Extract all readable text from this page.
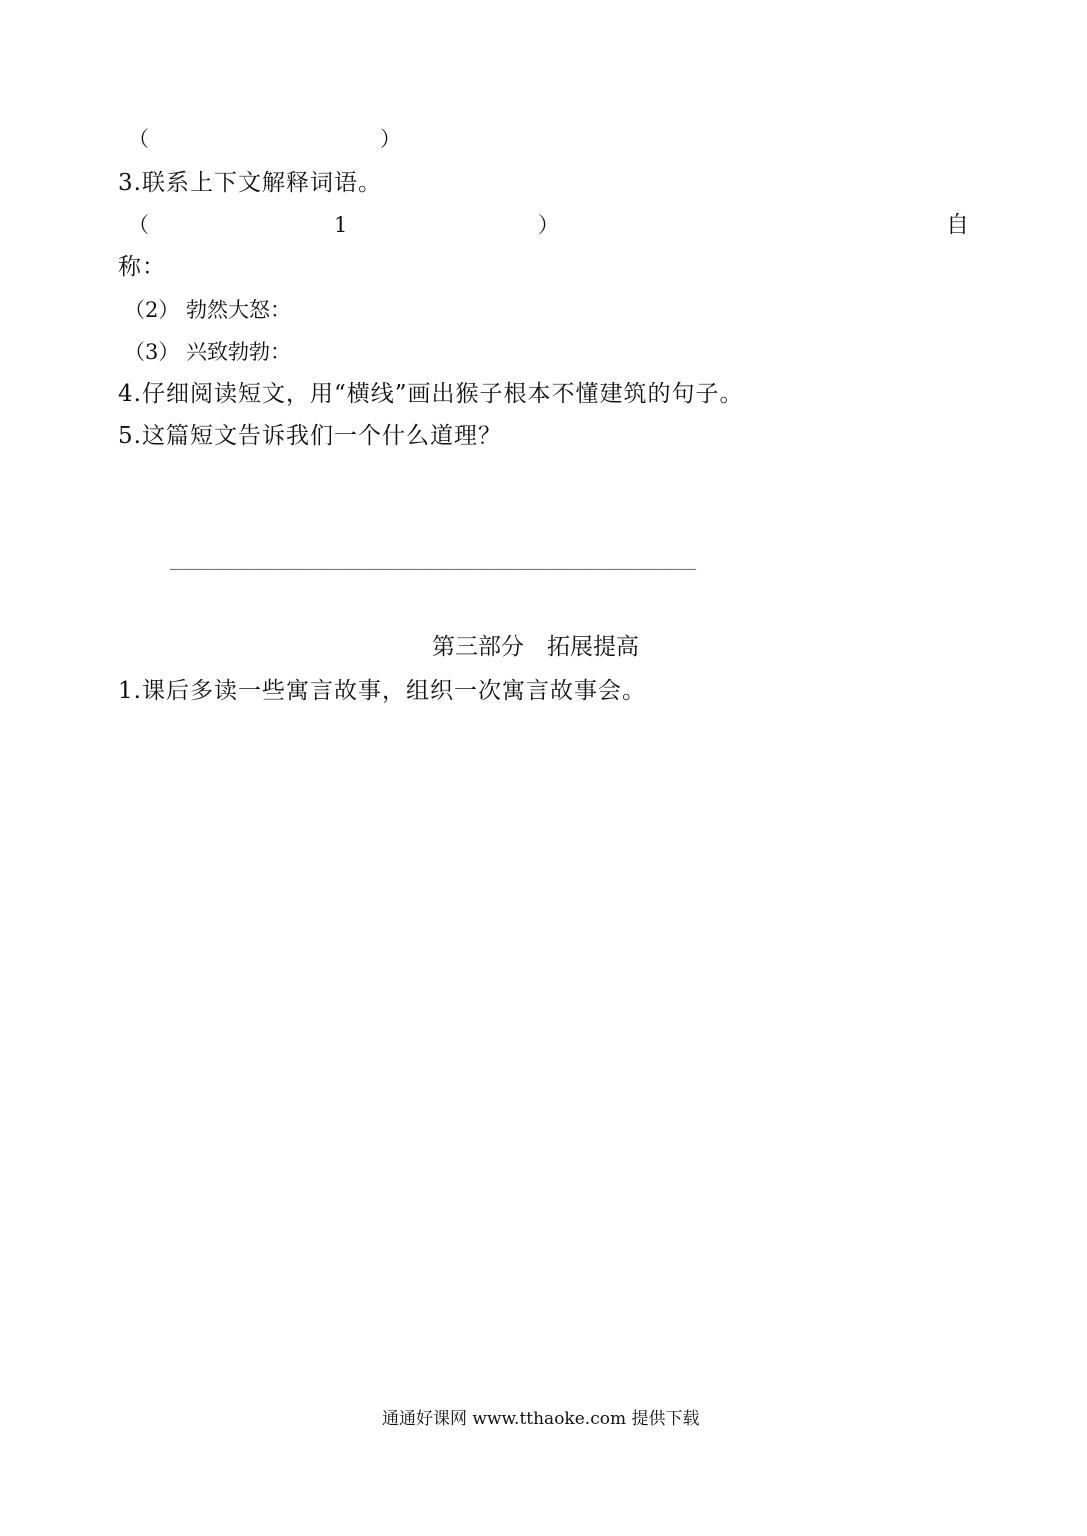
（	）
3.联系上下文解释词语。
（	1	）	自
称：
（2） 勃然大怒：
（3） 兴致勃勃：
4.仔细阅读短文，用“横线”画出猴子根本不懂建筑的句子。
5.这篇短文告诉我们一个什么道理？
______________________________________________
第三部分　拓展提高
1.课后多读一些寓言故事，组织一次寓言故事会。
通通好课网 www.tthaoke.com 提供下载
